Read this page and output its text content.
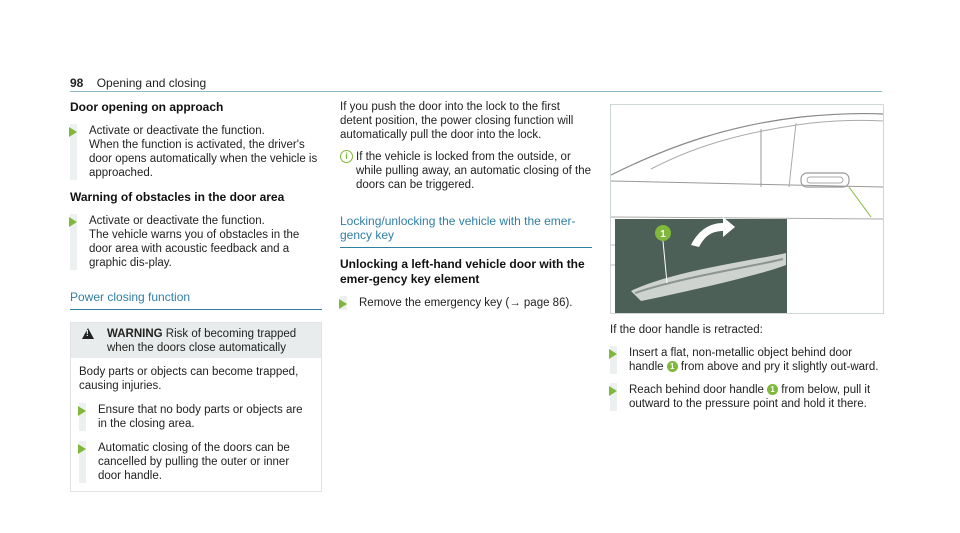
98 Opening and closing
Door opening on approach
Activate or deactivate the function.
When the function is activated, the driver's door opens automatically when the vehicle is approached.
Warning of obstacles in the door area
Activate or deactivate the function.
The vehicle warns you of obstacles in the door area with acoustic feedback and a graphic dis-play.
Power closing function
!
WARNING Risk of becoming trapped when the doors close automatically
Body parts or objects can become trapped, causing injuries.
Ensure that no body parts or objects are in the closing area.
Automatic closing of the doors can be cancelled by pulling the outer or inner door handle.
If you push the door into the lock to the first detent position, the power closing function will automatically pull the door into the lock.
i If the vehicle is locked from the outside, or while pulling away, an automatic closing of the doors can be triggered.
Locking/unlocking the vehicle with the emer-gency key
Unlocking a left-hand vehicle door with the emer-gency key element
Remove the emergency key (→ page 86).
1
If the door handle is retracted:
Insert a flat, non-metallic object behind door handle 1 from above and pry it slightly out-ward.
Reach behind door handle 1 from below, pull it outward to the pressure point and hold it there.
